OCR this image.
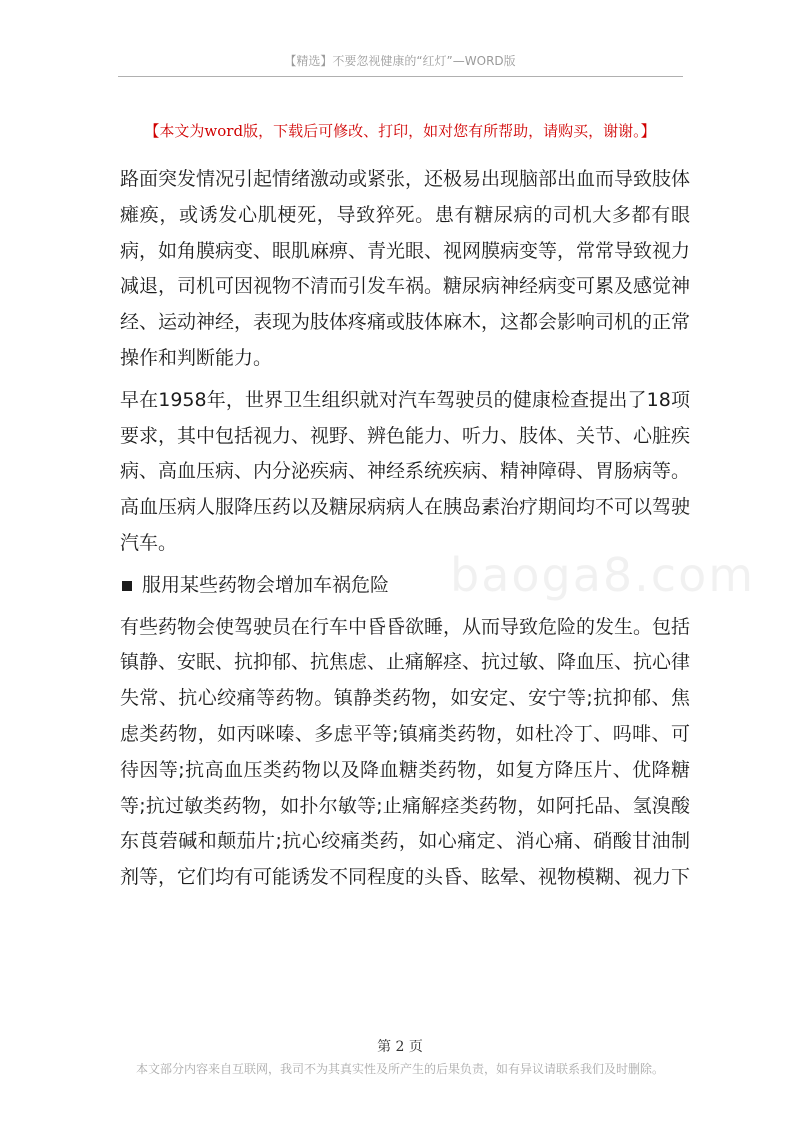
【精选】不要忽视健康的“红灯”—WORD版
【本文为word版，下载后可修改、打印，如对您有所帮助，请购买，谢谢。】

路面突发情况引起情绪激动或紧张，还极易出现脑部出血而导致肢体瘫痪，或诱发心肌梗死，导致猝死。患有糖尿病的司机大多都有眼病，如角膜病变、眼肌麻痹、青光眼、视网膜病变等，常常导致视力减退，司机可因视物不清而引发车祸。糖尿病神经病变可累及感觉神经、运动神经，表现为肢体疼痛或肢体麻木，这都会影响司机的正常操作和判断能力。

早在1958年，世界卫生组织就对汽车驾驶员的健康检查提出了18项要求，其中包括视力、视野、辨色能力、听力、肢体、关节、心脏疾病、高血压病、内分泌疾病、神经系统疾病、精神障碍、胃肠病等。高血压病人服降压药以及糖尿病病人在胰岛素治疗期间均不可以驾驶汽车。

服用某些药物会增加车祸危险

有些药物会使驾驶员在行车中昏昏欲睡，从而导致危险的发生。包括镇静、安眠、抗抑郁、抗焦虑、止痛解痉、抗过敏、降血压、抗心律失常、抗心绞痛等药物。镇静类药物，如安定、安宁等;抗抑郁、焦虑类药物，如丙咪嗪、多虑平等;镇痛类药物，如杜冷丁、吗啡、可待因等;抗高血压类药物以及降血糖类药物，如复方降压片、优降糖等;抗过敏类药物，如扑尔敏等;止痛解痉类药物，如阿托品、氢溴酸东莨菪碱和颠茄片;抗心绞痛类药，如心痛定、消心痛、硝酸甘油制剂等，它们均有可能诱发不同程度的头昏、眩晕、视物模糊、视力下

baoga8.com
第 2 页
本文部分内容来自互联网，我司不为其真实性及所产生的后果负责，如有异议请联系我们及时删除。
